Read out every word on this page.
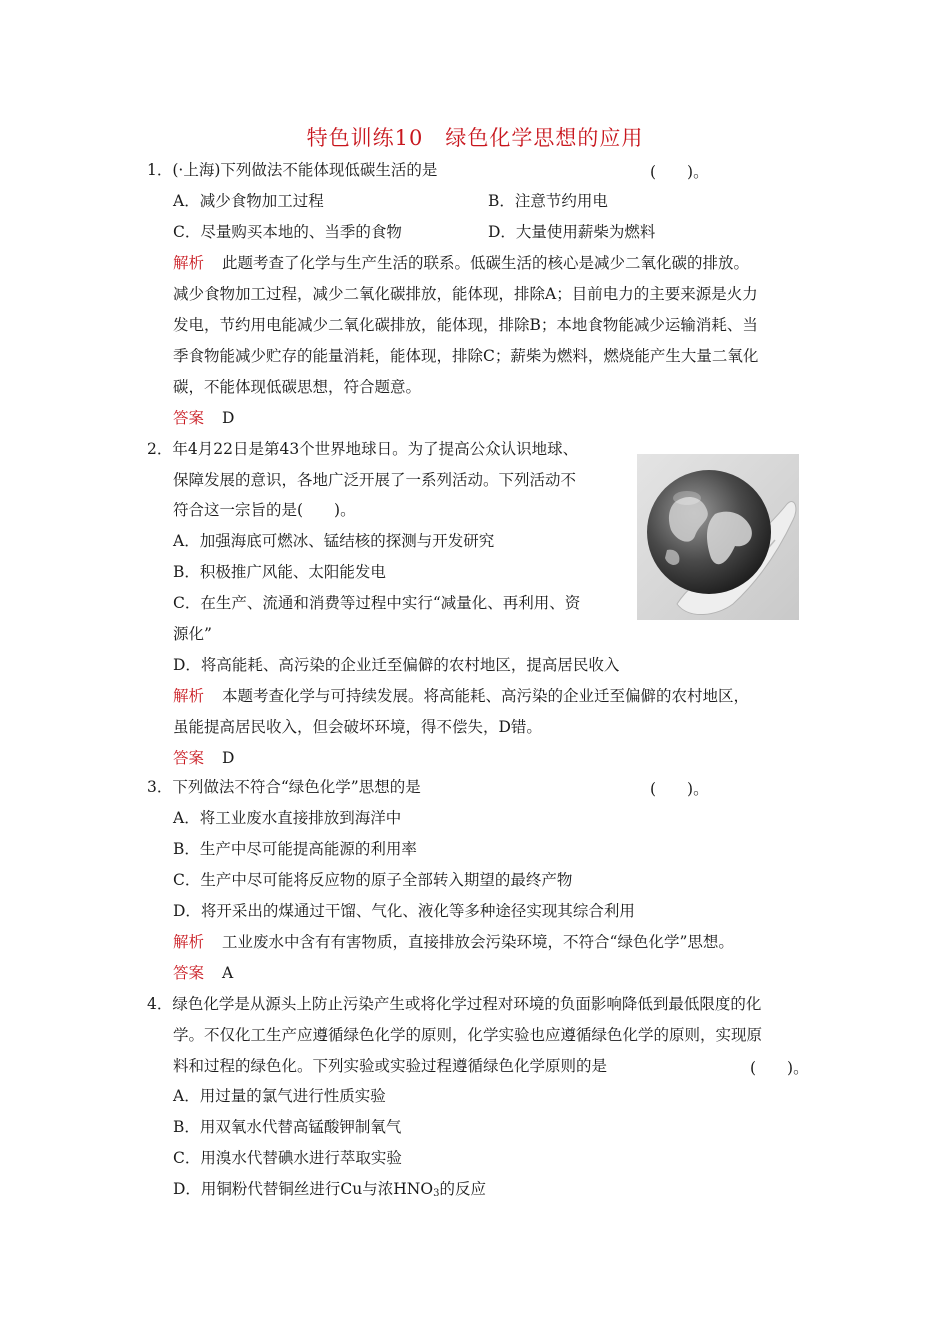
特色训练10　绿色化学思想的应用
1．(·上海)下列做法不能体现低碳生活的是	(　　)。
A．减少食物加工过程	B．注意节约用电
C．尽量购买本地的、当季的食物	D．大量使用薪柴为燃料
解析 此题考查了化学与生产生活的联系。低碳生活的核心是减少二氧化碳的排放。
减少食物加工过程，减少二氧化碳排放，能体现，排除A；目前电力的主要来源是火力
发电，节约用电能减少二氧化碳排放，能体现，排除B；本地食物能减少运输消耗、当
季食物能减少贮存的能量消耗，能体现，排除C；薪柴为燃料，燃烧能产生大量二氧化
碳，不能体现低碳思想，符合题意。
答案 D
2．年4月22日是第43个世界地球日。为了提高公众认识地球、
保障发展的意识，各地广泛开展了一系列活动。下列活动不
符合这一宗旨的是(　　)。
A．加强海底可燃冰、锰结核的探测与开发研究
B．积极推广风能、太阳能发电
C．在生产、流通和消费等过程中实行“减量化、再利用、资
源化”
D．将高能耗、高污染的企业迁至偏僻的农村地区，提高居民收入
解析 本题考查化学与可持续发展。将高能耗、高污染的企业迁至偏僻的农村地区，
虽能提高居民收入，但会破坏环境，得不偿失，D错。
答案 D
3．下列做法不符合“绿色化学”思想的是	(　　)。
A．将工业废水直接排放到海洋中
B．生产中尽可能提高能源的利用率
C．生产中尽可能将反应物的原子全部转入期望的最终产物
D．将开采出的煤通过干馏、气化、液化等多种途径实现其综合利用
解析 工业废水中含有有害物质，直接排放会污染环境，不符合“绿色化学”思想。
答案 A
4．绿色化学是从源头上防止污染产生或将化学过程对环境的负面影响降低到最低限度的化
学。不仅化工生产应遵循绿色化学的原则，化学实验也应遵循绿色化学的原则，实现原
料和过程的绿色化。下列实验或实验过程遵循绿色化学原则的是	(　　)。
A．用过量的氯气进行性质实验
B．用双氧水代替高锰酸钾制氧气
C．用溴水代替碘水进行萃取实验
D．用铜粉代替铜丝进行Cu与浓$HNO_3$的反应
